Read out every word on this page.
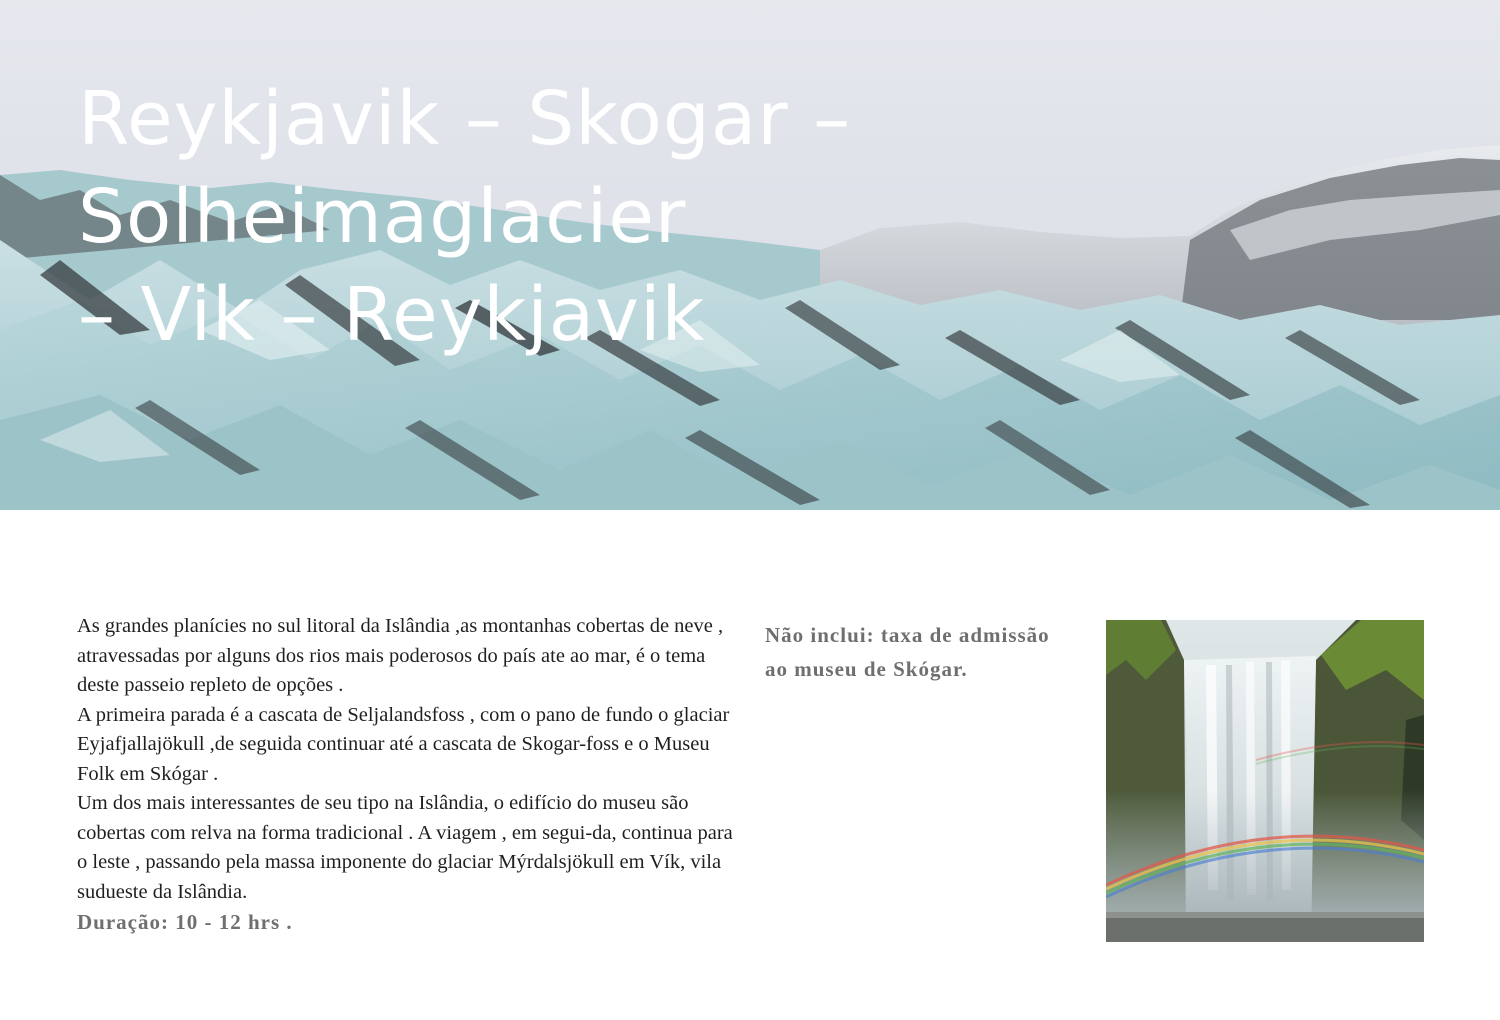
Reykjavik – Skogar – Solheimaglacier
– Vik – Reykjavik

As grandes planícies no sul litoral da Islândia ,as montanhas cobertas de neve , atravessadas por alguns dos rios mais poderosos do país ate ao mar, é o tema deste passeio repleto de opções .

A primeira parada é a cascata de Seljalandsfoss , com o pano de fundo o glaciar Eyjafjallajökull ,de seguida continuar até a cascata de Skogar-foss e o Museu Folk em Skógar .

Um dos mais interessantes de seu tipo na Islândia, o edifício do museu são cobertas com relva na forma tradicional . A viagem , em segui-da, continua para o leste , passando pela massa imponente do glaciar Mýrdalsjökull em Vík, vila sudueste da Islândia.

Duração: 10 - 12 hrs .

Não inclui: taxa de admissão ao museu de Skógar.
